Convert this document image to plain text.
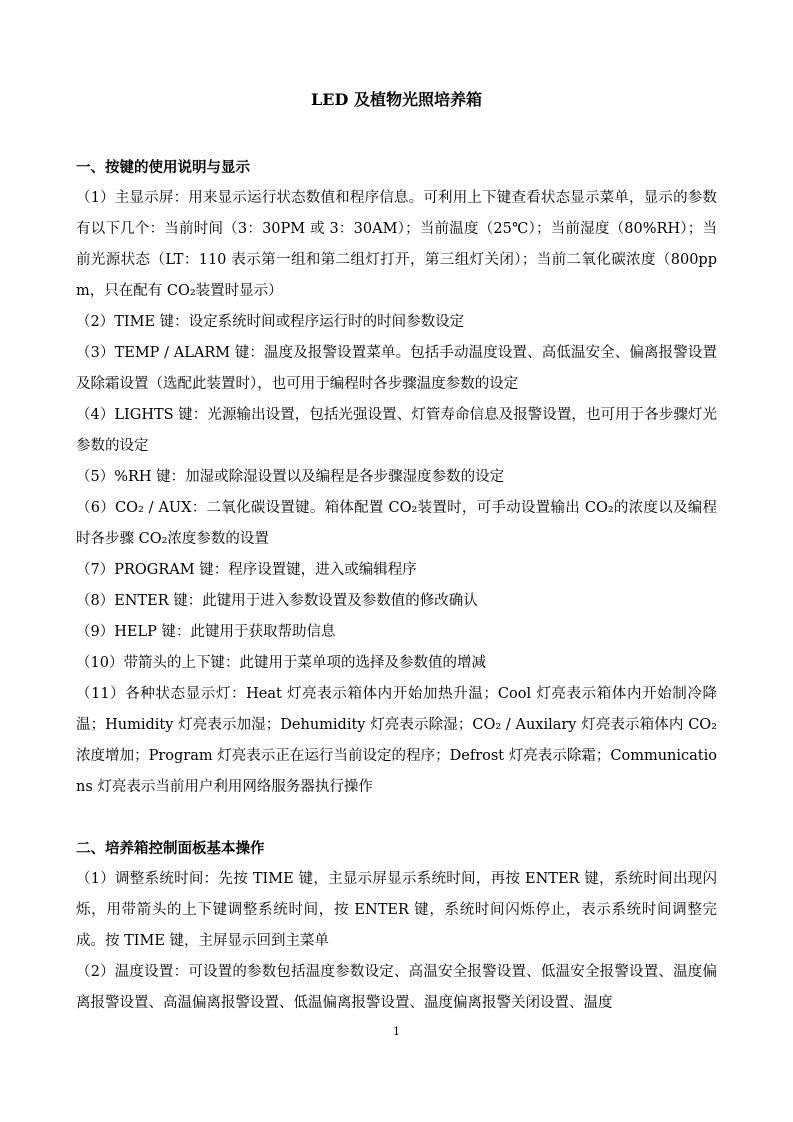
LED 及植物光照培养箱
一、按键的使用说明与显示

（1）主显示屏：用来显示运行状态数值和程序信息。可利用上下键查看状态显示菜单，显示的参数有以下几个：当前时间（3：30PM 或 3：30AM）；当前温度（25℃）；当前湿度（80%RH）；当前光源状态（LT：110 表示第一组和第二组灯打开，第三组灯关闭）；当前二氧化碳浓度（800ppm，只在配有 CO₂装置时显示）

（2）TIME 键：设定系统时间或程序运行时的时间参数设定

（3）TEMP / ALARM 键：温度及报警设置菜单。包括手动温度设置、高低温安全、偏离报警设置及除霜设置（选配此装置时），也可用于编程时各步骤温度参数的设定

（4）LIGHTS 键：光源输出设置，包括光强设置、灯管寿命信息及报警设置，也可用于各步骤灯光参数的设定

（5）%RH 键：加湿或除湿设置以及编程是各步骤湿度参数的设定

（6）CO₂ / AUX：二氧化碳设置键。箱体配置 CO₂装置时，可手动设置输出 CO₂的浓度以及编程时各步骤 CO₂浓度参数的设置

（7）PROGRAM 键：程序设置键，进入或编辑程序

（8）ENTER 键：此键用于进入参数设置及参数值的修改确认

（9）HELP 键：此键用于获取帮助信息

（10）带箭头的上下键：此键用于菜单项的选择及参数值的增减

（11）各种状态显示灯：Heat 灯亮表示箱体内开始加热升温；Cool 灯亮表示箱体内开始制冷降温；Humidity 灯亮表示加湿；Dehumidity 灯亮表示除湿；CO₂ / Auxilary 灯亮表示箱体内 CO₂浓度增加；Program 灯亮表示正在运行当前设定的程序；Defrost 灯亮表示除霜；Communications 灯亮表示当前用户利用网络服务器执行操作

二、培养箱控制面板基本操作

（1）调整系统时间：先按 TIME 键，主显示屏显示系统时间，再按 ENTER 键，系统时间出现闪烁，用带箭头的上下键调整系统时间，按 ENTER 键，系统时间闪烁停止，表示系统时间调整完成。按 TIME 键，主屏显示回到主菜单

（2）温度设置：可设置的参数包括温度参数设定、高温安全报警设置、低温安全报警设置、温度偏离报警设置、高温偏离报警设置、低温偏离报警设置、温度偏离报警关闭设置、温度

1
